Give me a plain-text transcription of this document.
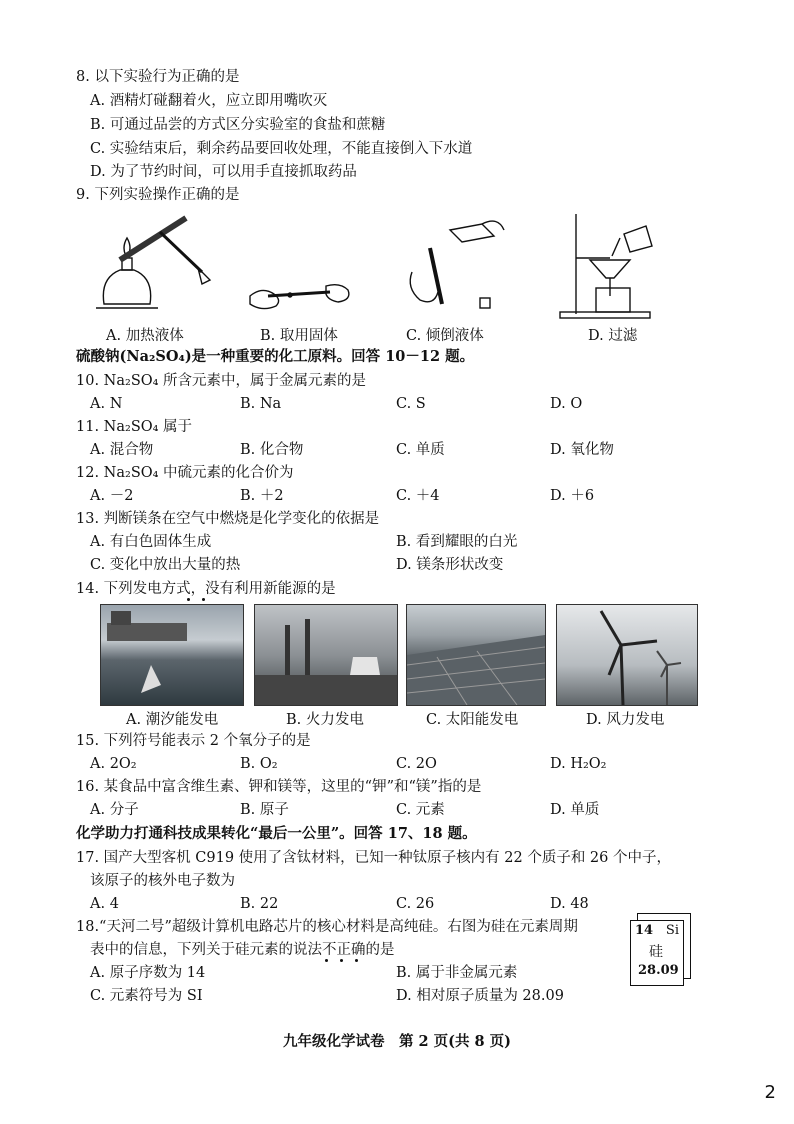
8. 以下实验行为正确的是
A. 酒精灯碰翻着火，应立即用嘴吹灭
B. 可通过品尝的方式区分实验室的食盐和蔗糖
C. 实验结束后，剩余药品要回收处理，不能直接倒入下水道
D. 为了节约时间，可以用手直接抓取药品
9. 下列实验操作正确的是
A. 加热液体	B. 取用固体	C. 倾倒液体	D. 过滤
硫酸钠(Na₂SO₄)是一种重要的化工原料。回答 10－12 题。
10. Na₂SO₄ 所含元素中，属于金属元素的是
A. N	B. Na	C. S	D. O
11. Na₂SO₄ 属于
A. 混合物	B. 化合物	C. 单质	D. 氧化物
12. Na₂SO₄ 中硫元素的化合价为
A. －2	B. ＋2	C. ＋4	D. ＋6
13. 判断镁条在空气中燃烧是化学变化的依据是
A. 有白色固体生成	B. 看到耀眼的白光
C. 变化中放出大量的热	D. 镁条形状改变
14. 下列发电方式，没有利用新能源的是
A. 潮汐能发电	B. 火力发电	C. 太阳能发电	D. 风力发电
15. 下列符号能表示 2 个氧分子的是
A. 2O₂	B. O₂	C. 2O	D. H₂O₂
16. 某食品中富含维生素、钾和镁等，这里的“钾”和“镁”指的是
A. 分子	B. 原子	C. 元素	D. 单质
化学助力打通科技成果转化“最后一公里”。回答 17、18 题。
17. 国产大型客机 C919 使用了含钛材料，已知一种钛原子核内有 22 个质子和 26 个中子，
该原子的核外电子数为
A. 4	B. 22	C. 26	D. 48
18.“天河二号”超级计算机电路芯片的核心材料是高纯硅。右图为硅在元素周期
表中的信息，下列关于硅元素的说法不正确的是
A. 原子序数为 14	B. 属于非金属元素
C. 元素符号为 SI	D. 相对原子质量为 28.09
14 Si
硅
28.09
九年级化学试卷　第 2 页(共 8 页)
2
